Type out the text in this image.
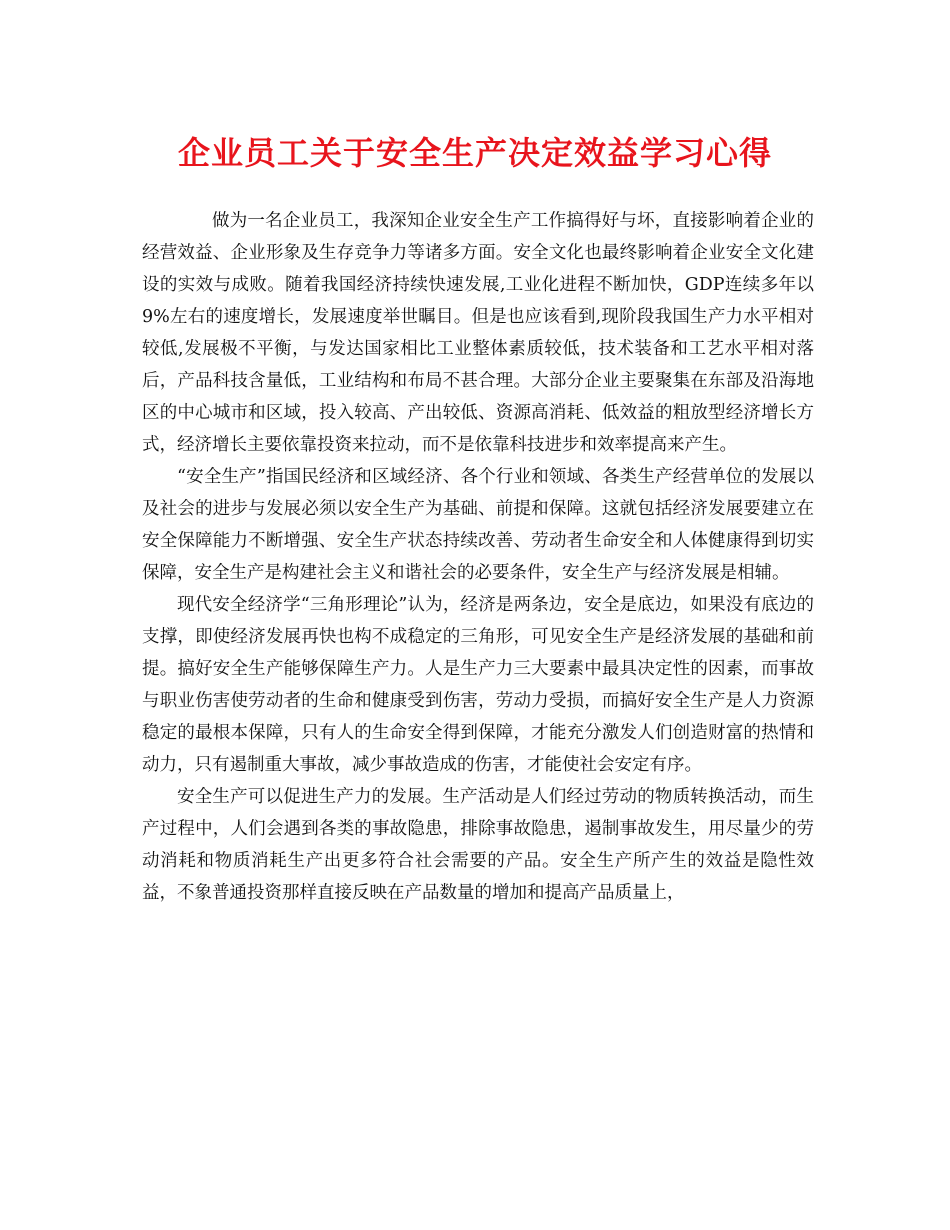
企业员工关于安全生产决定效益学习心得

做为一名企业员工，我深知企业安全生产工作搞得好与坏，直接影响着企业的经营效益、企业形象及生存竞争力等诸多方面。安全文化也最终影响着企业安全文化建设的实效与成败。随着我国经济持续快速发展,工业化进程不断加快，GDP连续多年以 9%左右的速度增长，发展速度举世瞩目。但是也应该看到,现阶段我国生产力水平相对较低,发展极不平衡，与发达国家相比工业整体素质较低，技术装备和工艺水平相对落后，产品科技含量低，工业结构和布局不甚合理。大部分企业主要聚集在东部及沿海地区的中心城市和区域，投入较高、产出较低、资源高消耗、低效益的粗放型经济增长方式，经济增长主要依靠投资来拉动，而不是依靠科技进步和效率提高来产生。

“安全生产”指国民经济和区域经济、各个行业和领域、各类生产经营单位的发展以及社会的进步与发展必须以安全生产为基础、前提和保障。这就包括经济发展要建立在安全保障能力不断增强、安全生产状态持续改善、劳动者生命安全和人体健康得到切实保障，安全生产是构建社会主义和谐社会的必要条件，安全生产与经济发展是相辅。

现代安全经济学“三角形理论”认为，经济是两条边，安全是底边，如果没有底边的支撑，即使经济发展再快也构不成稳定的三角形，可见安全生产是经济发展的基础和前提。搞好安全生产能够保障生产力。人是生产力三大要素中最具决定性的因素，而事故与职业伤害使劳动者的生命和健康受到伤害，劳动力受损，而搞好安全生产是人力资源稳定的最根本保障，只有人的生命安全得到保障，才能充分激发人们创造财富的热情和动力，只有遏制重大事故，减少事故造成的伤害，才能使社会安定有序。

安全生产可以促进生产力的发展。生产活动是人们经过劳动的物质转换活动，而生产过程中，人们会遇到各类的事故隐患，排除事故隐患，遏制事故发生，用尽量少的劳动消耗和物质消耗生产出更多符合社会需要的产品。安全生产所产生的效益是隐性效益，不象普通投资那样直接反映在产品数量的增加和提高产品质量上，
